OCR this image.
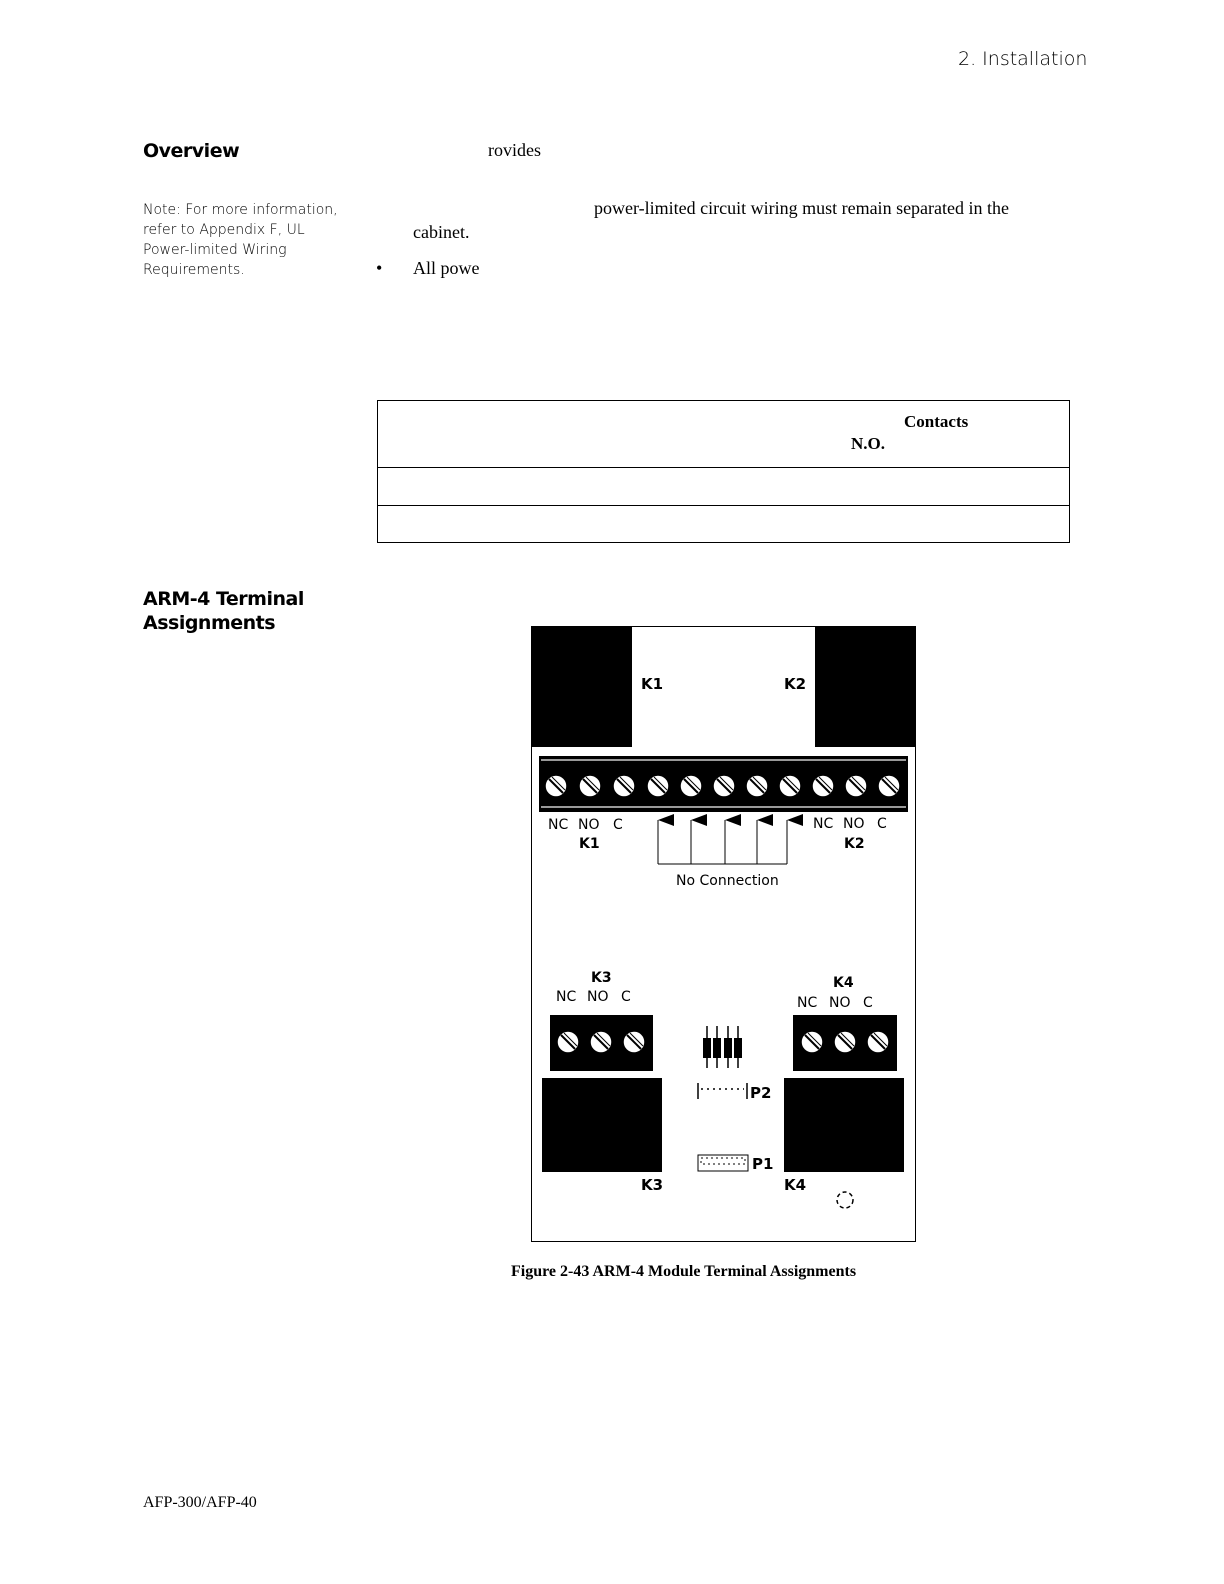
2. Installation
Overview	rovides
Note: For more information, refer to Appendix F, UL Power-limited Wiring Requirements.
power-limited circuit wiring must remain separated in the
cabinet.
• All powe
Contacts
N.O.
ARM-4 Terminal Assignments
K1	K2
NC NO C
K1
NC NO C
K2
No Connection
K3
NC NO C
K4
NC NO C
P2
P1
K3	K4
Figure 2-43 ARM-4 Module Terminal Assignments
AFP-300/AFP-40
